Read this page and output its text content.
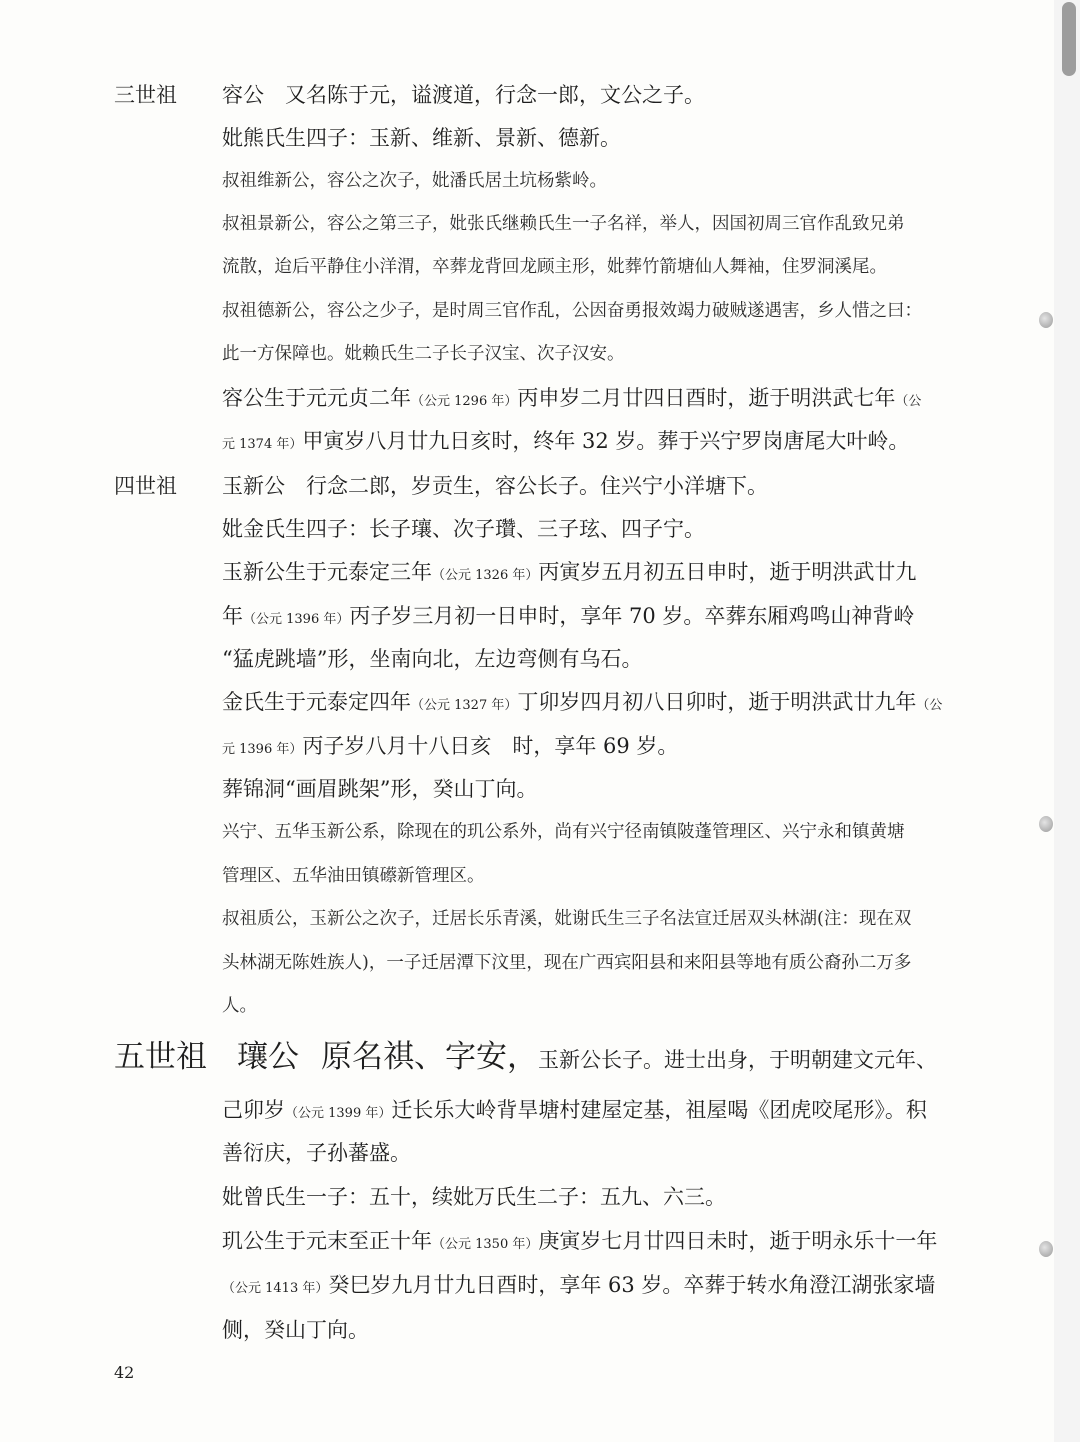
三世祖 容公　又名陈于元，谥渡道，行念一郎，文公之子。
妣熊氏生四子：玉新、维新、景新、德新。
叔祖维新公，容公之次子，妣潘氏居土坑杨紫岭。
叔祖景新公，容公之第三子，妣张氏继赖氏生一子名祥，举人，因国初周三官作乱致兄弟
流散，迨后平静住小洋渭，卒葬龙背回龙顾主形，妣葬竹箭塘仙人舞袖，住罗洞溪尾。
叔祖德新公，容公之少子，是时周三官作乱，公因奋勇报效竭力破贼遂遇害，乡人惜之曰：
此一方保障也。妣赖氏生二子长子汉宝、次子汉安。
容公生于元元贞二年（公元 1296 年）丙申岁二月廿四日酉时，逝于明洪武七年（公
元 1374 年）甲寅岁八月廿九日亥时，终年 32 岁。葬于兴宁罗岗唐尾大叶岭。
四世祖 玉新公　行念二郎，岁贡生，容公长子。住兴宁小洋塘下。
妣金氏生四子：长子瓖、次子瓚、三子玹、四子宁。
玉新公生于元泰定三年（公元 1326 年）丙寅岁五月初五日申时，逝于明洪武廿九
年（公元 1396 年）丙子岁三月初一日申时，享年 70 岁。卒葬东厢鸡鸣山神背岭
“猛虎跳墙”形，坐南向北，左边弯侧有乌石。
金氏生于元泰定四年（公元 1327 年）丁卯岁四月初八日卯时，逝于明洪武廿九年（公
元 1396 年）丙子岁八月十八日亥　时，享年 69 岁。
葬锦洞“画眉跳架”形，癸山丁向。
兴宁、五华玉新公系，除现在的玑公系外，尚有兴宁径南镇陂蓬管理区、兴宁永和镇黄塘
管理区、五华油田镇礤新管理区。
叔祖质公，玉新公之次子，迁居长乐青溪，妣谢氏生三子名法宣迁居双头林湖(注：现在双
头林湖无陈姓族人)，一子迁居潭下汶里，现在广西宾阳县和来阳县等地有质公裔孙二万多
人。
五世祖 瓖公 原名祺、字安，玉新公长子。进士出身，于明朝建文元年、
己卯岁（公元 1399 年）迁长乐大岭背旱塘村建屋定基，祖屋喝《团虎咬尾形》。积
善衍庆，子孙蕃盛。
妣曾氏生一子：五十，续妣万氏生二子：五九、六三。
玑公生于元末至正十年（公元 1350 年）庚寅岁七月廿四日未时，逝于明永乐十一年
（公元 1413 年）癸巳岁九月廿九日酉时，享年 63 岁。卒葬于转水角澄江湖张家墙
侧，癸山丁向。
42
